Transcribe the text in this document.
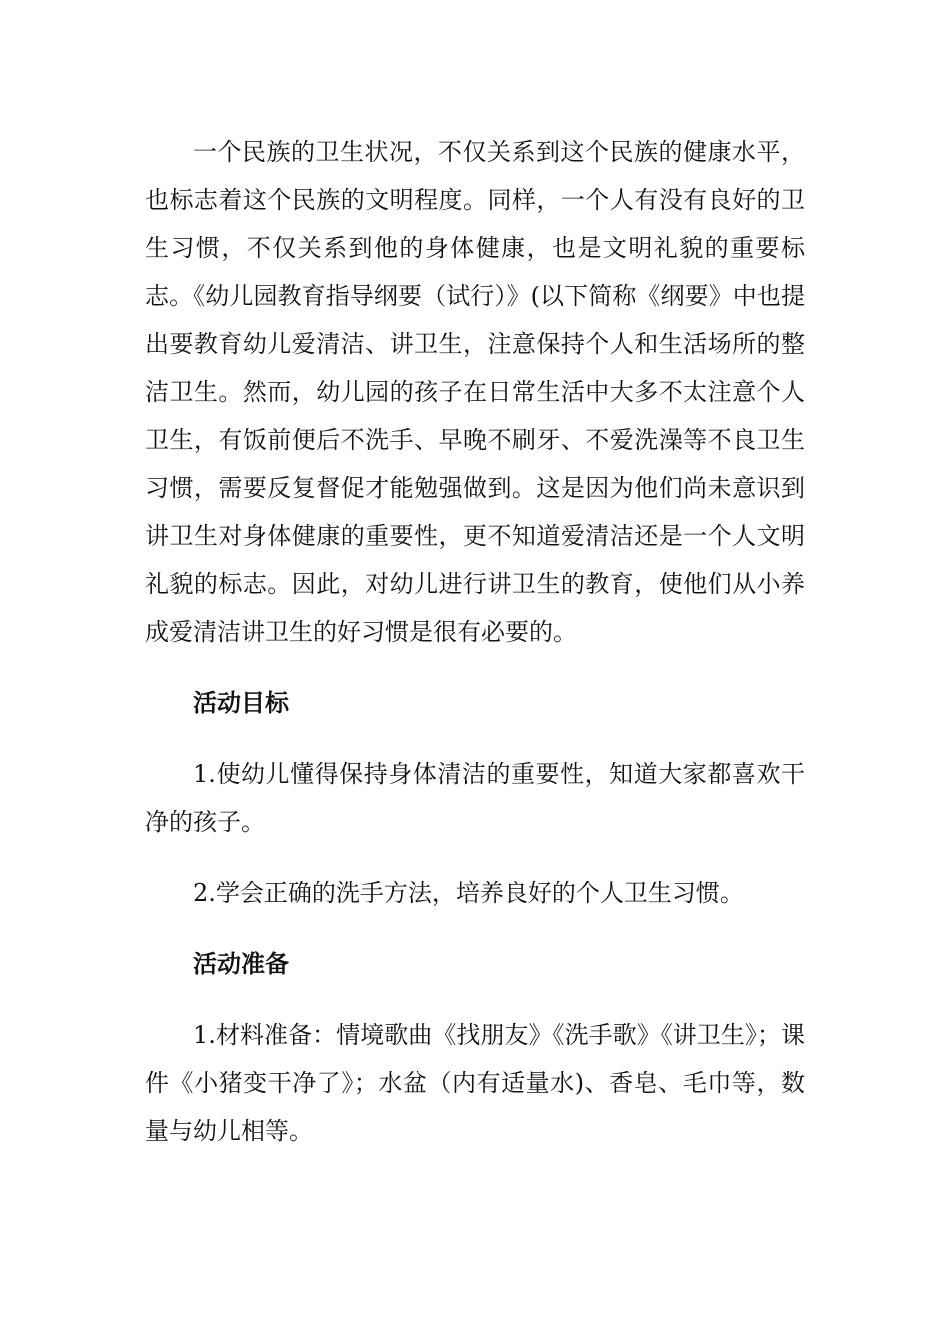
一个民族的卫生状况，不仅关系到这个民族的健康水平，也标志着这个民族的文明程度。同样，一个人有没有良好的卫生习惯，不仅关系到他的身体健康，也是文明礼貌的重要标志。《幼儿园教育指导纲要（试行）》(以下简称《纲要》中也提出要教育幼儿爱清洁、讲卫生，注意保持个人和生活场所的整洁卫生。然而，幼儿园的孩子在日常生活中大多不太注意个人卫生，有饭前便后不洗手、早晚不刷牙、不爱洗澡等不良卫生习惯，需要反复督促才能勉强做到。这是因为他们尚未意识到讲卫生对身体健康的重要性，更不知道爱清洁还是一个人文明礼貌的标志。因此，对幼儿进行讲卫生的教育，使他们从小养成爱清洁讲卫生的好习惯是很有必要的。

活动目标

1.使幼儿懂得保持身体清洁的重要性，知道大家都喜欢干净的孩子。

2.学会正确的洗手方法，培养良好的个人卫生习惯。

活动准备

1.材料准备：情境歌曲《找朋友》《洗手歌》《讲卫生》；课件《小猪变干净了》；水盆（内有适量水)、香皂、毛巾等，数量与幼儿相等。
